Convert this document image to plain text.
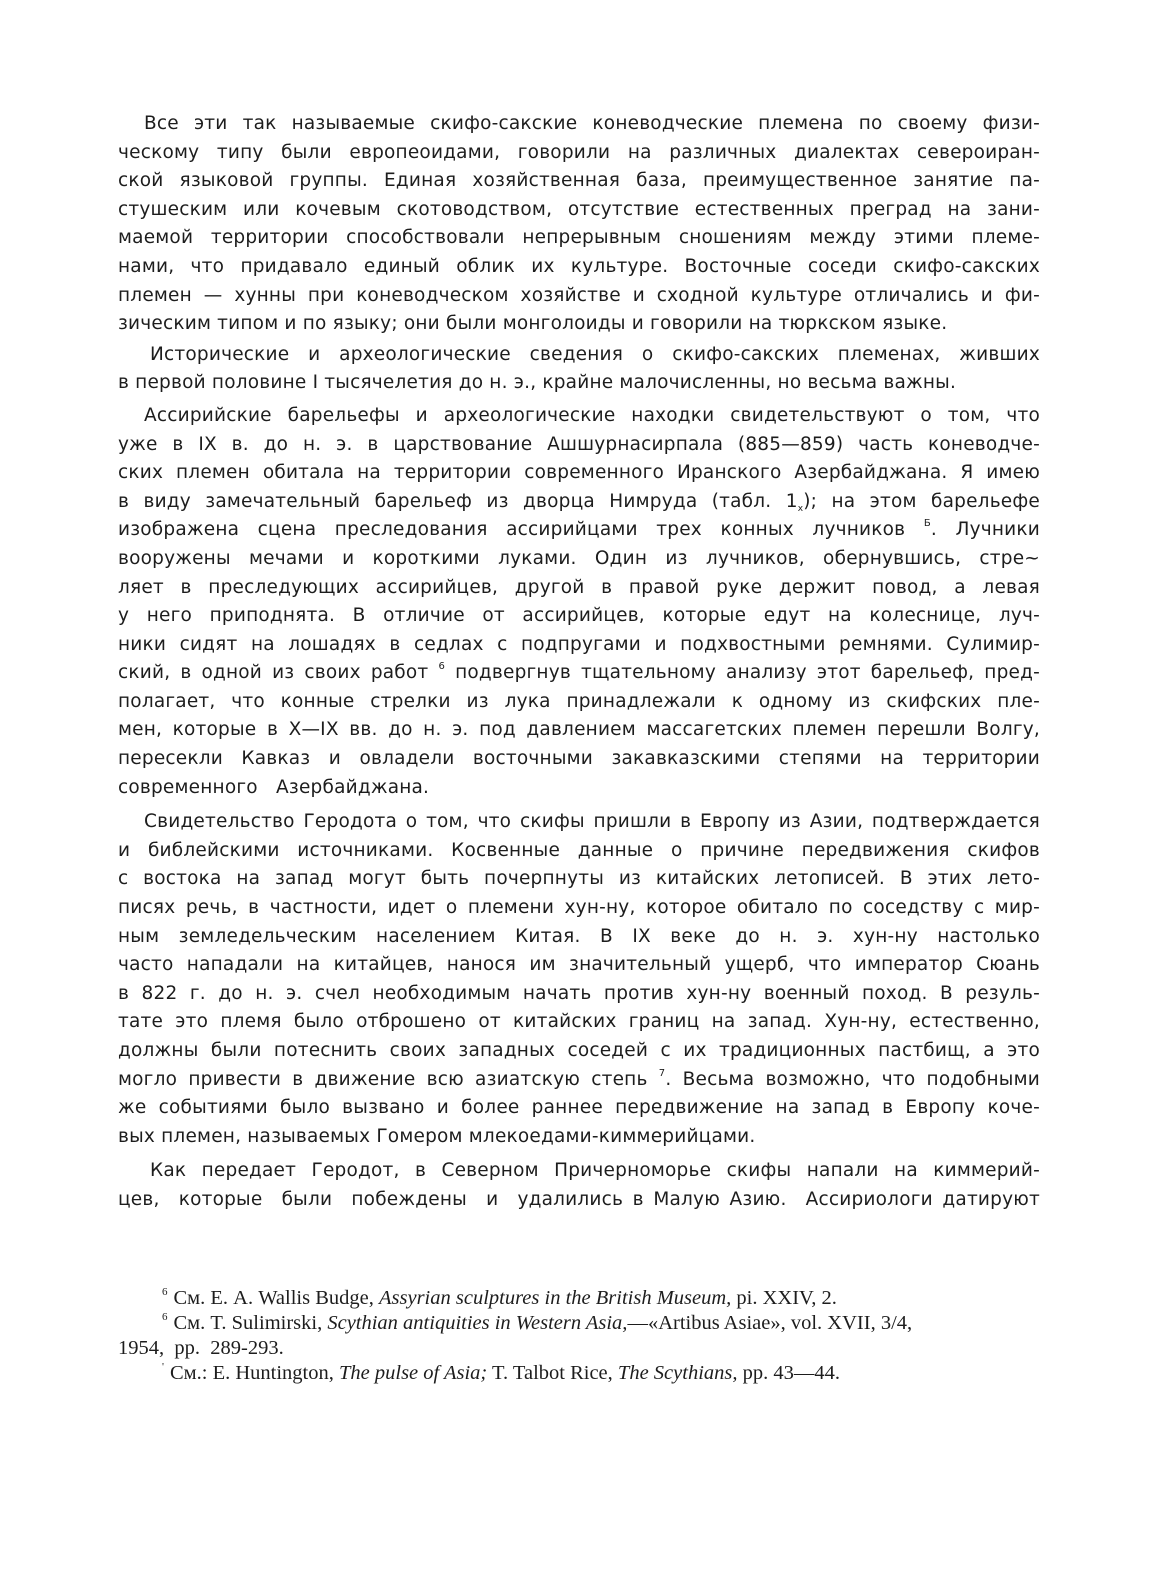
Все эти так называемые скифо-сакские коневодческие племена по своему физи-
ческому типу были европеоидами, говорили на различных диалектах североиран-
ской языковой группы. Единая хозяйственная база, преимущественное занятие па-
стушеским или кочевым скотоводством, отсутствие естественных преград на зани-
маемой территории способствовали непрерывным сношениям между этими племе-
нами, что придавало единый облик их культуре. Восточные соседи скифо-сакских
племен — хунны при коневодческом хозяйстве и сходной культуре отличались и фи-
зическим типом и по языку; они были монголоиды и говорили на тюркском языке.

Исторические и археологические сведения о скифо-сакских племенах, живших
в первой половине I тысячелетия до н. э., крайне малочисленны, но весьма важны.

Ассирийские барельефы и археологические находки свидетельствуют о том, что
уже в IX в. до н. э. в царствование Ашшурнасирпала (885—859) часть коневодче-
ских племен обитала на территории современного Иранского Азербайджана. Я имею
в виду замечательный барельеф из дворца Нимруда (табл. $1_x$); на этом барельефе
изображена сцена преследования ассирийцами трех конных лучников $^Б$. Лучники
вооружены мечами и короткими луками. Один из лучников, обернувшись, стре~
ляет в преследующих ассирийцев, другой в правой руке держит повод, а левая
у него приподнята. В отличие от ассирийцев, которые едут на колеснице, луч-
ники сидят на лошадях в седлах с подпругами и подхвостными ремнями. Сулимир-
ский, в одной из своих работ $^6$ подвергнув тщательному анализу этот барельеф, пред-
полагает, что конные стрелки из лука принадлежали к одному из скифских пле-
мен, которые в X—IX вв. до н. э. под давлением массагетских племен перешли Волгу,
пересекли Кавказ и овладели восточными закавказскими степями на территории
современного   Азербайджана.

Свидетельство Геродота о том, что скифы пришли в Европу из Азии, подтверждается
и библейскими источниками. Косвенные данные о причине передвижения скифов
с востока на запад могут быть почерпнуты из китайских летописей. В этих лето-
писях речь, в частности, идет о племени хун-ну, которое обитало по соседству с мир-
ным земледельческим населением Китая. В IX веке до н. э. хун-ну настолько
часто нападали на китайцев, нанося им значительный ущерб, что император Сюань
в 822 г. до н. э. счел необходимым начать против хун-ну военный поход. В резуль-
тате это племя было отброшено от китайских границ на запад. Хун-ну, естественно,
должны были потеснить своих западных соседей с их традиционных пастбищ, а это
могло привести в движение всю азиатскую степь $^7$. Весьма возможно, что подобными
же событиями было вызвано и более раннее передвижение на запад в Европу коче-
вых племен, называемых Гомером млекоедами-киммерийцами.

Как передает Геродот, в Северном Причерноморье скифы напали на киммерий-
цев,  которые  были  побеждены  и  удалились в Малую Азию.  Ассириологи датируют

$^6$ См. Е. А. Wallis Budge, Assyrian sculptures in the British Museum, pi. XXIV, 2.
$^6$ См. T. Sulimirski, Scythian antiquities in Western Asia,—«Artibus Asiae», vol. XVII, 3/4,
1954,  pp.  289-293.
' См.: E. Huntington, The pulse of Asia; T. Talbot Rice, The Scythians, pp. 43—44.
